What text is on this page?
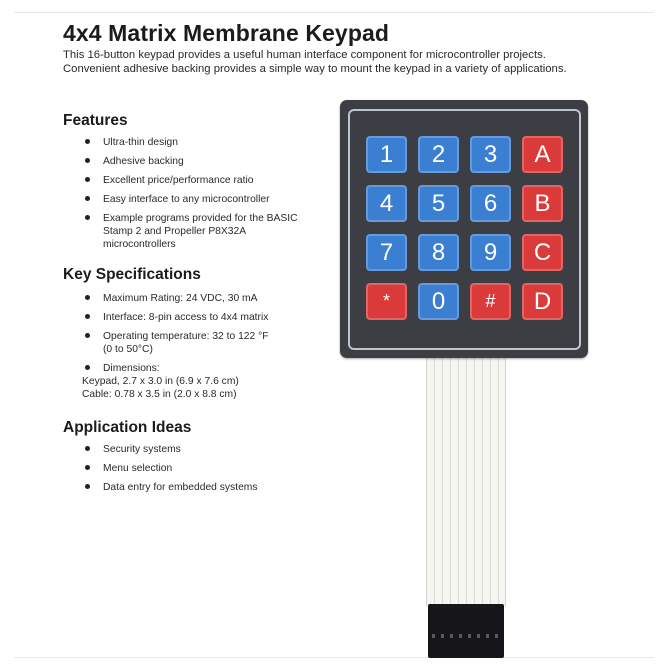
4x4 Matrix Membrane Keypad

This 16-button keypad provides a useful human interface component for microcontroller projects.
Convenient adhesive backing provides a simple way to mount the keypad in a variety of applications.

Features
Ultra-thin design
Adhesive backing
Excellent price/performance ratio
Easy interface to any microcontroller
Example programs provided for the BASIC
Stamp 2 and Propeller P8X32A
microcontrollers
Key Specifications
Maximum Rating: 24 VDC, 30 mA
Interface: 8-pin access to 4x4 matrix
Operating temperature: 32 to 122 °F
(0 to 50°C)
Dimensions:
Keypad, 2.7 x 3.0 in (6.9 x 7.6 cm)
Cable: 0.78 x 3.5 in (2.0 x 8.8 cm)
Application Ideas
Security systems
Menu selection
Data entry for embedded systems
1	2	3	A
4	5	6	B
7	8	9	C
*	0	#	D
